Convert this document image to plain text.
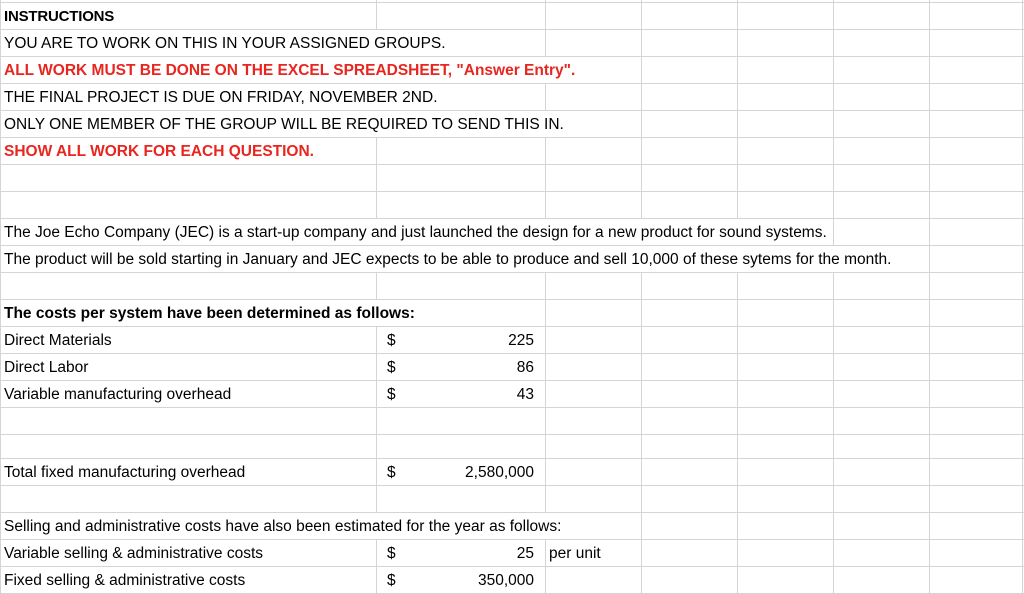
INSTRUCTIONS
YOU ARE TO WORK ON THIS IN YOUR ASSIGNED GROUPS.
ALL WORK MUST BE DONE ON THE EXCEL SPREADSHEET, "Answer Entry".
THE FINAL PROJECT IS DUE ON FRIDAY, NOVEMBER 2ND.
ONLY ONE MEMBER OF THE GROUP WILL BE REQUIRED TO SEND THIS IN.
SHOW ALL WORK FOR EACH QUESTION.
The Joe Echo Company (JEC) is a start-up company and just launched the design for a new product for sound systems.
The product will be sold starting in January and JEC expects to be able to produce and sell 10,000 of these sytems for the month.
The costs per system have been determined as follows:
Direct Materials	$	225
Direct Labor	$	86
Variable manufacturing overhead	$	43
Total fixed manufacturing overhead	$	2,580,000
Selling and administrative costs have also been estimated for the year as follows:
Variable selling & administrative costs	$	25 per unit
Fixed selling & administrative costs	$	350,000
